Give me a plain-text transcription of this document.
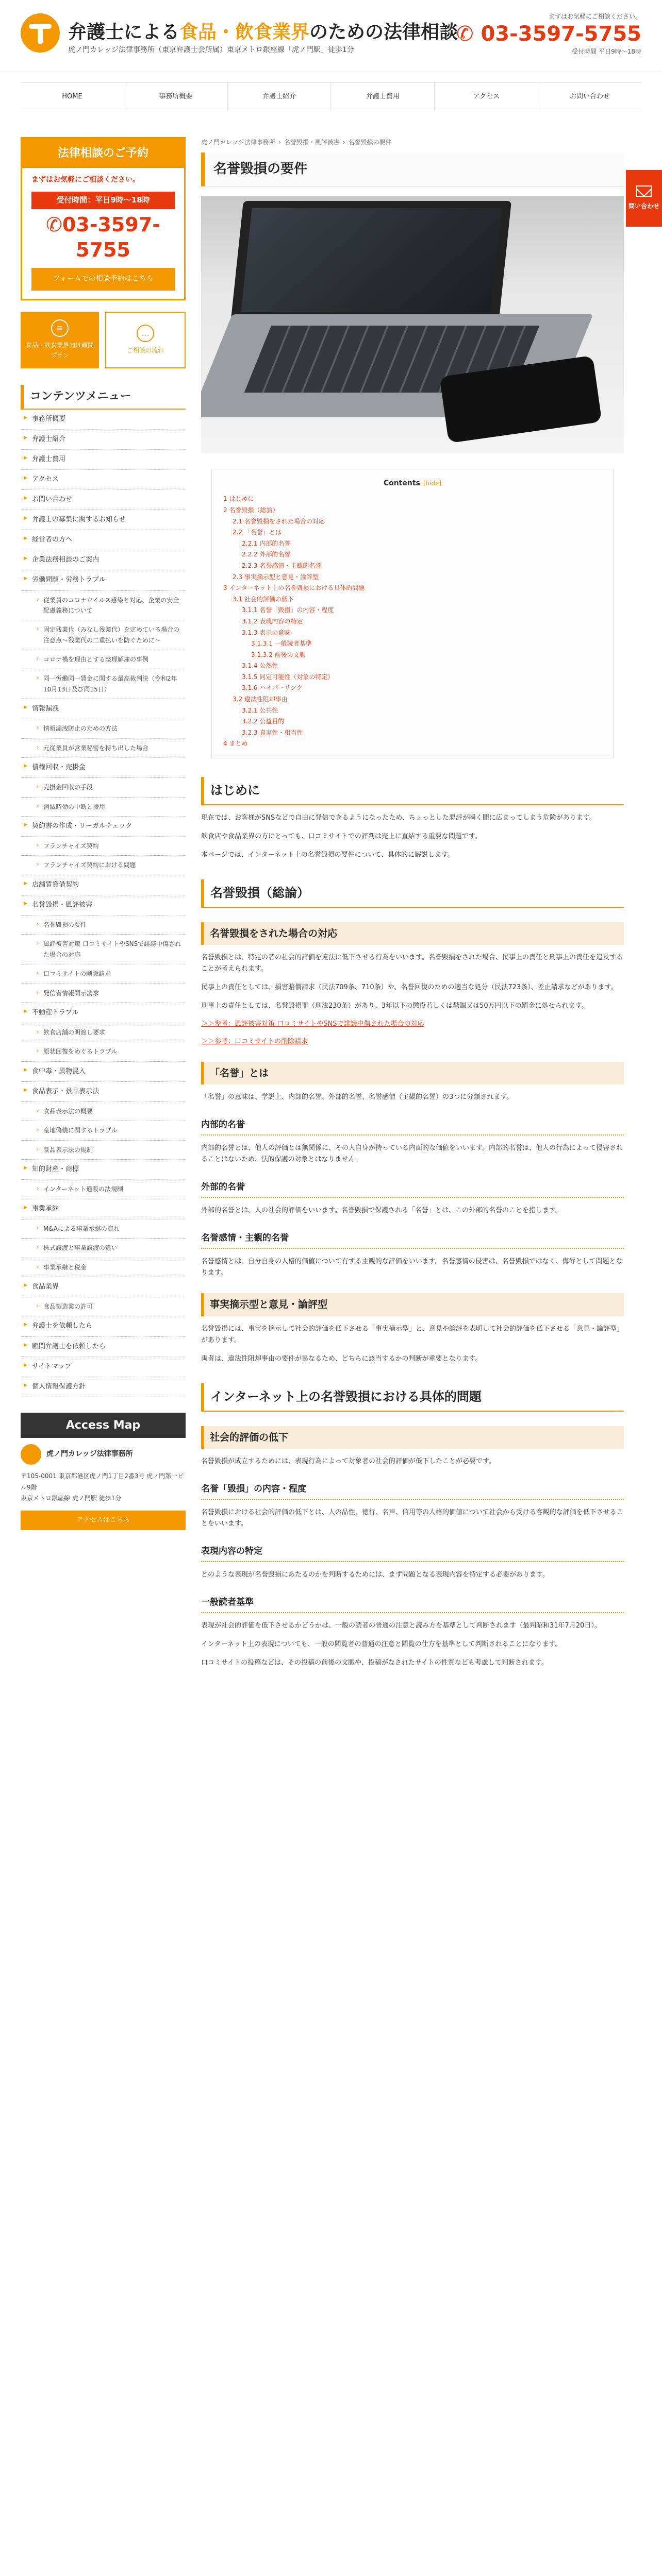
弁護士による食品・飲食業界のための法律相談
虎ノ門カレッジ法律事務所（東京弁護士会所属）東京メトロ銀座線「虎ノ門駅」徒歩1分
まずはお気軽にご相談ください。
✆ 03-3597-5755
受付時間 平日9時～18時
HOME	事務所概要	弁護士紹介	弁護士費用	アクセス	お問い合わせ
問い合わせ
法律相談のご予約
まずはお気軽にご相談ください。
受付時間：平日9時～18時
✆03-3597-5755
フォームでの相談予約はこちら
≡
食品・飲食業界向け顧問プラン
…
ご相談の流れ
コンテンツメニュー
▶ 事務所概要
▶ 弁護士紹介
▶ 弁護士費用
▶ アクセス
▶ お問い合わせ
▶ 弁護士の募集に関するお知らせ
▶ 経営者の方へ
▶ 企業法務相談のご案内
▶ 労働問題・労務トラブル
› 従業員のコロナウイルス感染と対応、企業の安全配慮義務について
› 固定残業代（みなし残業代）を定めている場合の注意点～残業代の二重払いを防ぐために～
› コロナ禍を理由とする整理解雇の事例
› 同一労働同一賃金に関する最高裁判決（令和2年10月13日及び同15日）
▶ 情報漏洩
› 情報漏洩防止のための方法
› 元従業員が営業秘密を持ち出した場合
▶ 債権回収・売掛金
› 売掛金回収の手段
› 消滅時効の中断と援用
▶ 契約書の作成・リーガルチェック
› フランチャイズ契約
› フランチャイズ契約における問題
▶ 店舗賃貸借契約
▶ 名誉毀損・風評被害
› 名誉毀損の要件
› 風評被害対策 口コミサイトやSNSで誹謗中傷された場合の対応
› 口コミサイトの削除請求
› 発信者情報開示請求
▶ 不動産トラブル
› 飲食店舗の明渡し要求
› 原状回復をめぐるトラブル
▶ 食中毒・異物混入
▶ 食品表示・景品表示法
› 食品表示法の概要
› 産地偽装に関するトラブル
› 景品表示法の規制
▶ 知的財産・商標
› インターネット通販の法規制
▶ 事業承継
› M&Aによる事業承継の流れ
› 株式譲渡と事業譲渡の違い
› 事業承継と税金
▶ 食品業界
› 食品製造業の許可
▶ 弁護士を依頼したら
▶ 顧問弁護士を依頼したら
▶ サイトマップ
▶ 個人情報保護方針
Access Map
虎ノ門カレッジ法律事務所
〒105-0001 東京都港区虎ノ門1丁目2番3号 虎ノ門第一ビル9階
東京メトロ銀座線 虎ノ門駅 徒歩1分
アクセスはこちら
虎ノ門カレッジ法律事務所 › 名誉毀損・風評被害 › 名誉毀損の要件
名誉毀損の要件
Contents [hide]
1 はじめに
2 名誉毀損（総論）
2.1 名誉毀損をされた場合の対応
2.2 「名誉」とは
2.2.1 内部的名誉
2.2.2 外部的名誉
2.2.3 名誉感情・主観的名誉
2.3 事実摘示型と意見・論評型
3 インターネット上の名誉毀損における具体的問題
3.1 社会的評価の低下
3.1.1 名誉「毀損」の内容・程度
3.1.2 表現内容の特定
3.1.3 表示の意味
3.1.3.1 一般読者基準
3.1.3.2 前後の文脈
3.1.4 公然性
3.1.5 同定可能性（対象の特定）
3.1.6 ハイパーリンク
3.2 違法性阻却事由
3.2.1 公共性
3.2.2 公益目的
3.2.3 真実性・相当性
4 まとめ
はじめに

現在では、お客様がSNSなどで自由に発信できるようになったため、ちょっとした悪評が瞬く間に広まってしまう危険があります。

飲食店や食品業界の方にとっても、口コミサイトでの評判は売上に直結する重要な問題です。

本ページでは、インターネット上の名誉毀損の要件について、具体的に解説します。

名誉毀損（総論）
名誉毀損をされた場合の対応

名誉毀損とは、特定の者の社会的評価を違法に低下させる行為をいいます。名誉毀損をされた場合、民事上の責任と刑事上の責任を追及することが考えられます。

民事上の責任としては、損害賠償請求（民法709条、710条）や、名誉回復のための適当な処分（民法723条）、差止請求などがあります。

刑事上の責任としては、名誉毀損罪（刑法230条）があり、3年以下の懲役若しくは禁錮又は50万円以下の罰金に処せられます。

＞＞参考：風評被害対策 口コミサイトやSNSで誹謗中傷された場合の対応

＞＞参考：口コミサイトの削除請求

「名誉」とは

「名誉」の意味は、学説上、内部的名誉、外部的名誉、名誉感情（主観的名誉）の3つに分類されます。

内部的名誉

内部的名誉とは、他人の評価とは無関係に、その人自身が持っている内面的な価値をいいます。内部的名誉は、他人の行為によって侵害されることはないため、法的保護の対象とはなりません。

外部的名誉

外部的名誉とは、人の社会的評価をいいます。名誉毀損で保護される「名誉」とは、この外部的名誉のことを指します。

名誉感情・主観的名誉

名誉感情とは、自分自身の人格的価値について有する主観的な評価をいいます。名誉感情の侵害は、名誉毀損ではなく、侮辱として問題となります。

事実摘示型と意見・論評型

名誉毀損には、事実を摘示して社会的評価を低下させる「事実摘示型」と、意見や論評を表明して社会的評価を低下させる「意見・論評型」があります。

両者は、違法性阻却事由の要件が異なるため、どちらに該当するかの判断が重要となります。

インターネット上の名誉毀損における具体的問題
社会的評価の低下

名誉毀損が成立するためには、表現行為によって対象者の社会的評価が低下したことが必要です。

名誉「毀損」の内容・程度

名誉毀損における社会的評価の低下とは、人の品性、徳行、名声、信用等の人格的価値について社会から受ける客観的な評価を低下させることをいいます。

表現内容の特定

どのような表現が名誉毀損にあたるのかを判断するためには、まず問題となる表現内容を特定する必要があります。

一般読者基準

表現が社会的評価を低下させるかどうかは、一般の読者の普通の注意と読み方を基準として判断されます（最判昭和31年7月20日）。

インターネット上の表現についても、一般の閲覧者の普通の注意と閲覧の仕方を基準として判断されることになります。

口コミサイトの投稿などは、その投稿の前後の文脈や、投稿がなされたサイトの性質なども考慮して判断されます。
